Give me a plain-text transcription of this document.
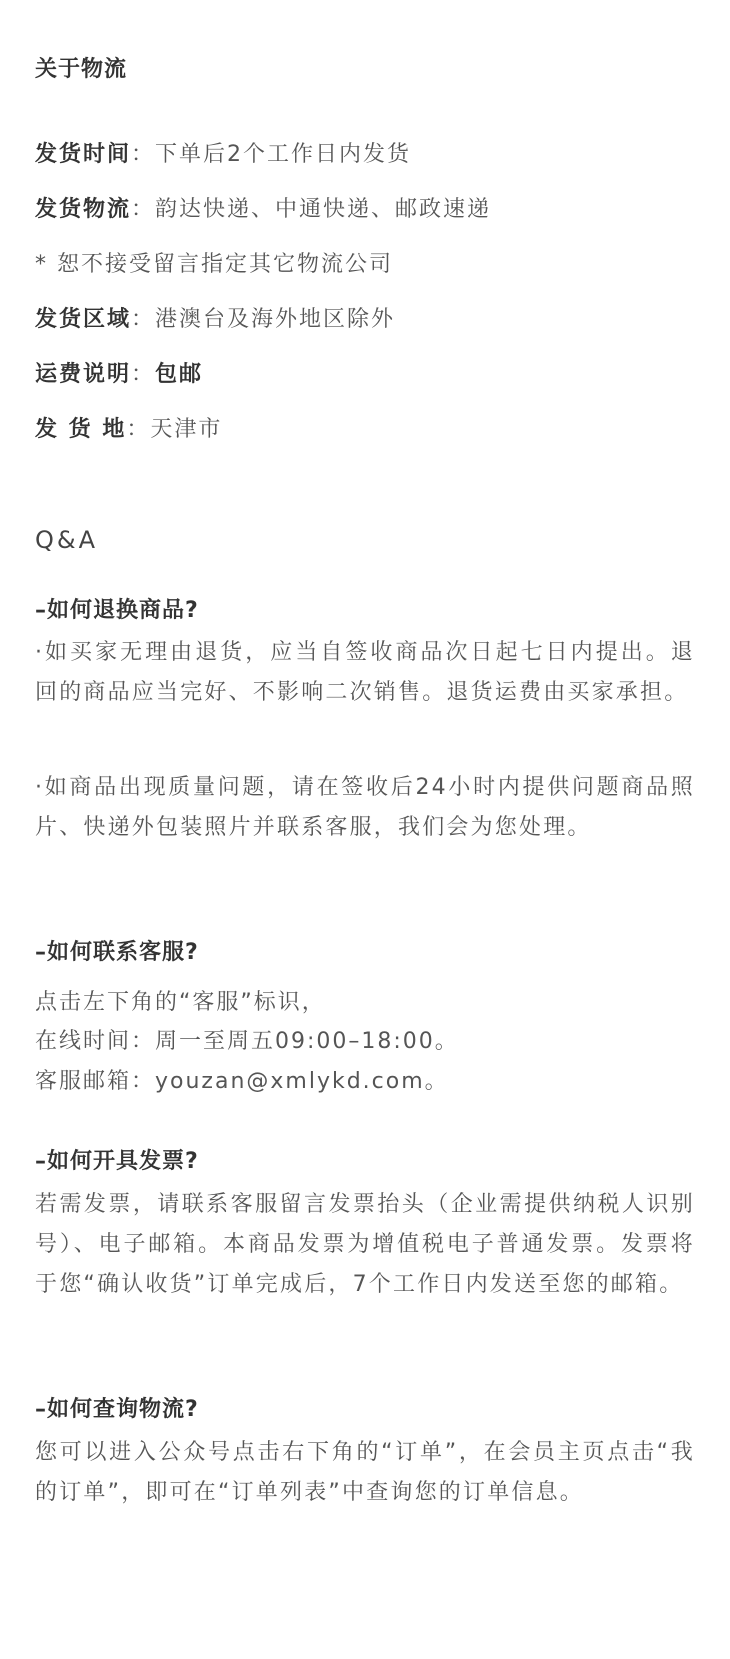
关于物流
发货时间：下单后2个工作日内发货
发货物流：韵达快递、中通快递、邮政速递
* 恕不接受留言指定其它物流公司
发货区域：港澳台及海外地区除外
运费说明：包邮
发 货 地：天津市
Q&A
–如何退换商品?
·如买家无理由退货，应当自签收商品次日起七日内提出。退回的商品应当完好、不影响二次销售。退货运费由买家承担。
·如商品出现质量问题，请在签收后24小时内提供问题商品照片、快递外包装照片并联系客服，我们会为您处理。
–如何联系客服?
点击左下角的“客服”标识，
在线时间：周一至周五09:00–18:00。
客服邮箱：youzan@xmlykd.com。
–如何开具发票?
若需发票，请联系客服留言发票抬头（企业需提供纳税人识别号）、电子邮箱。本商品发票为增值税电子普通发票。发票将于您“确认收货”订单完成后，7个工作日内发送至您的邮箱。
–如何查询物流?
您可以进入公众号点击右下角的“订单”，在会员主页点击“我的订单”，即可在“订单列表”中查询您的订单信息。
